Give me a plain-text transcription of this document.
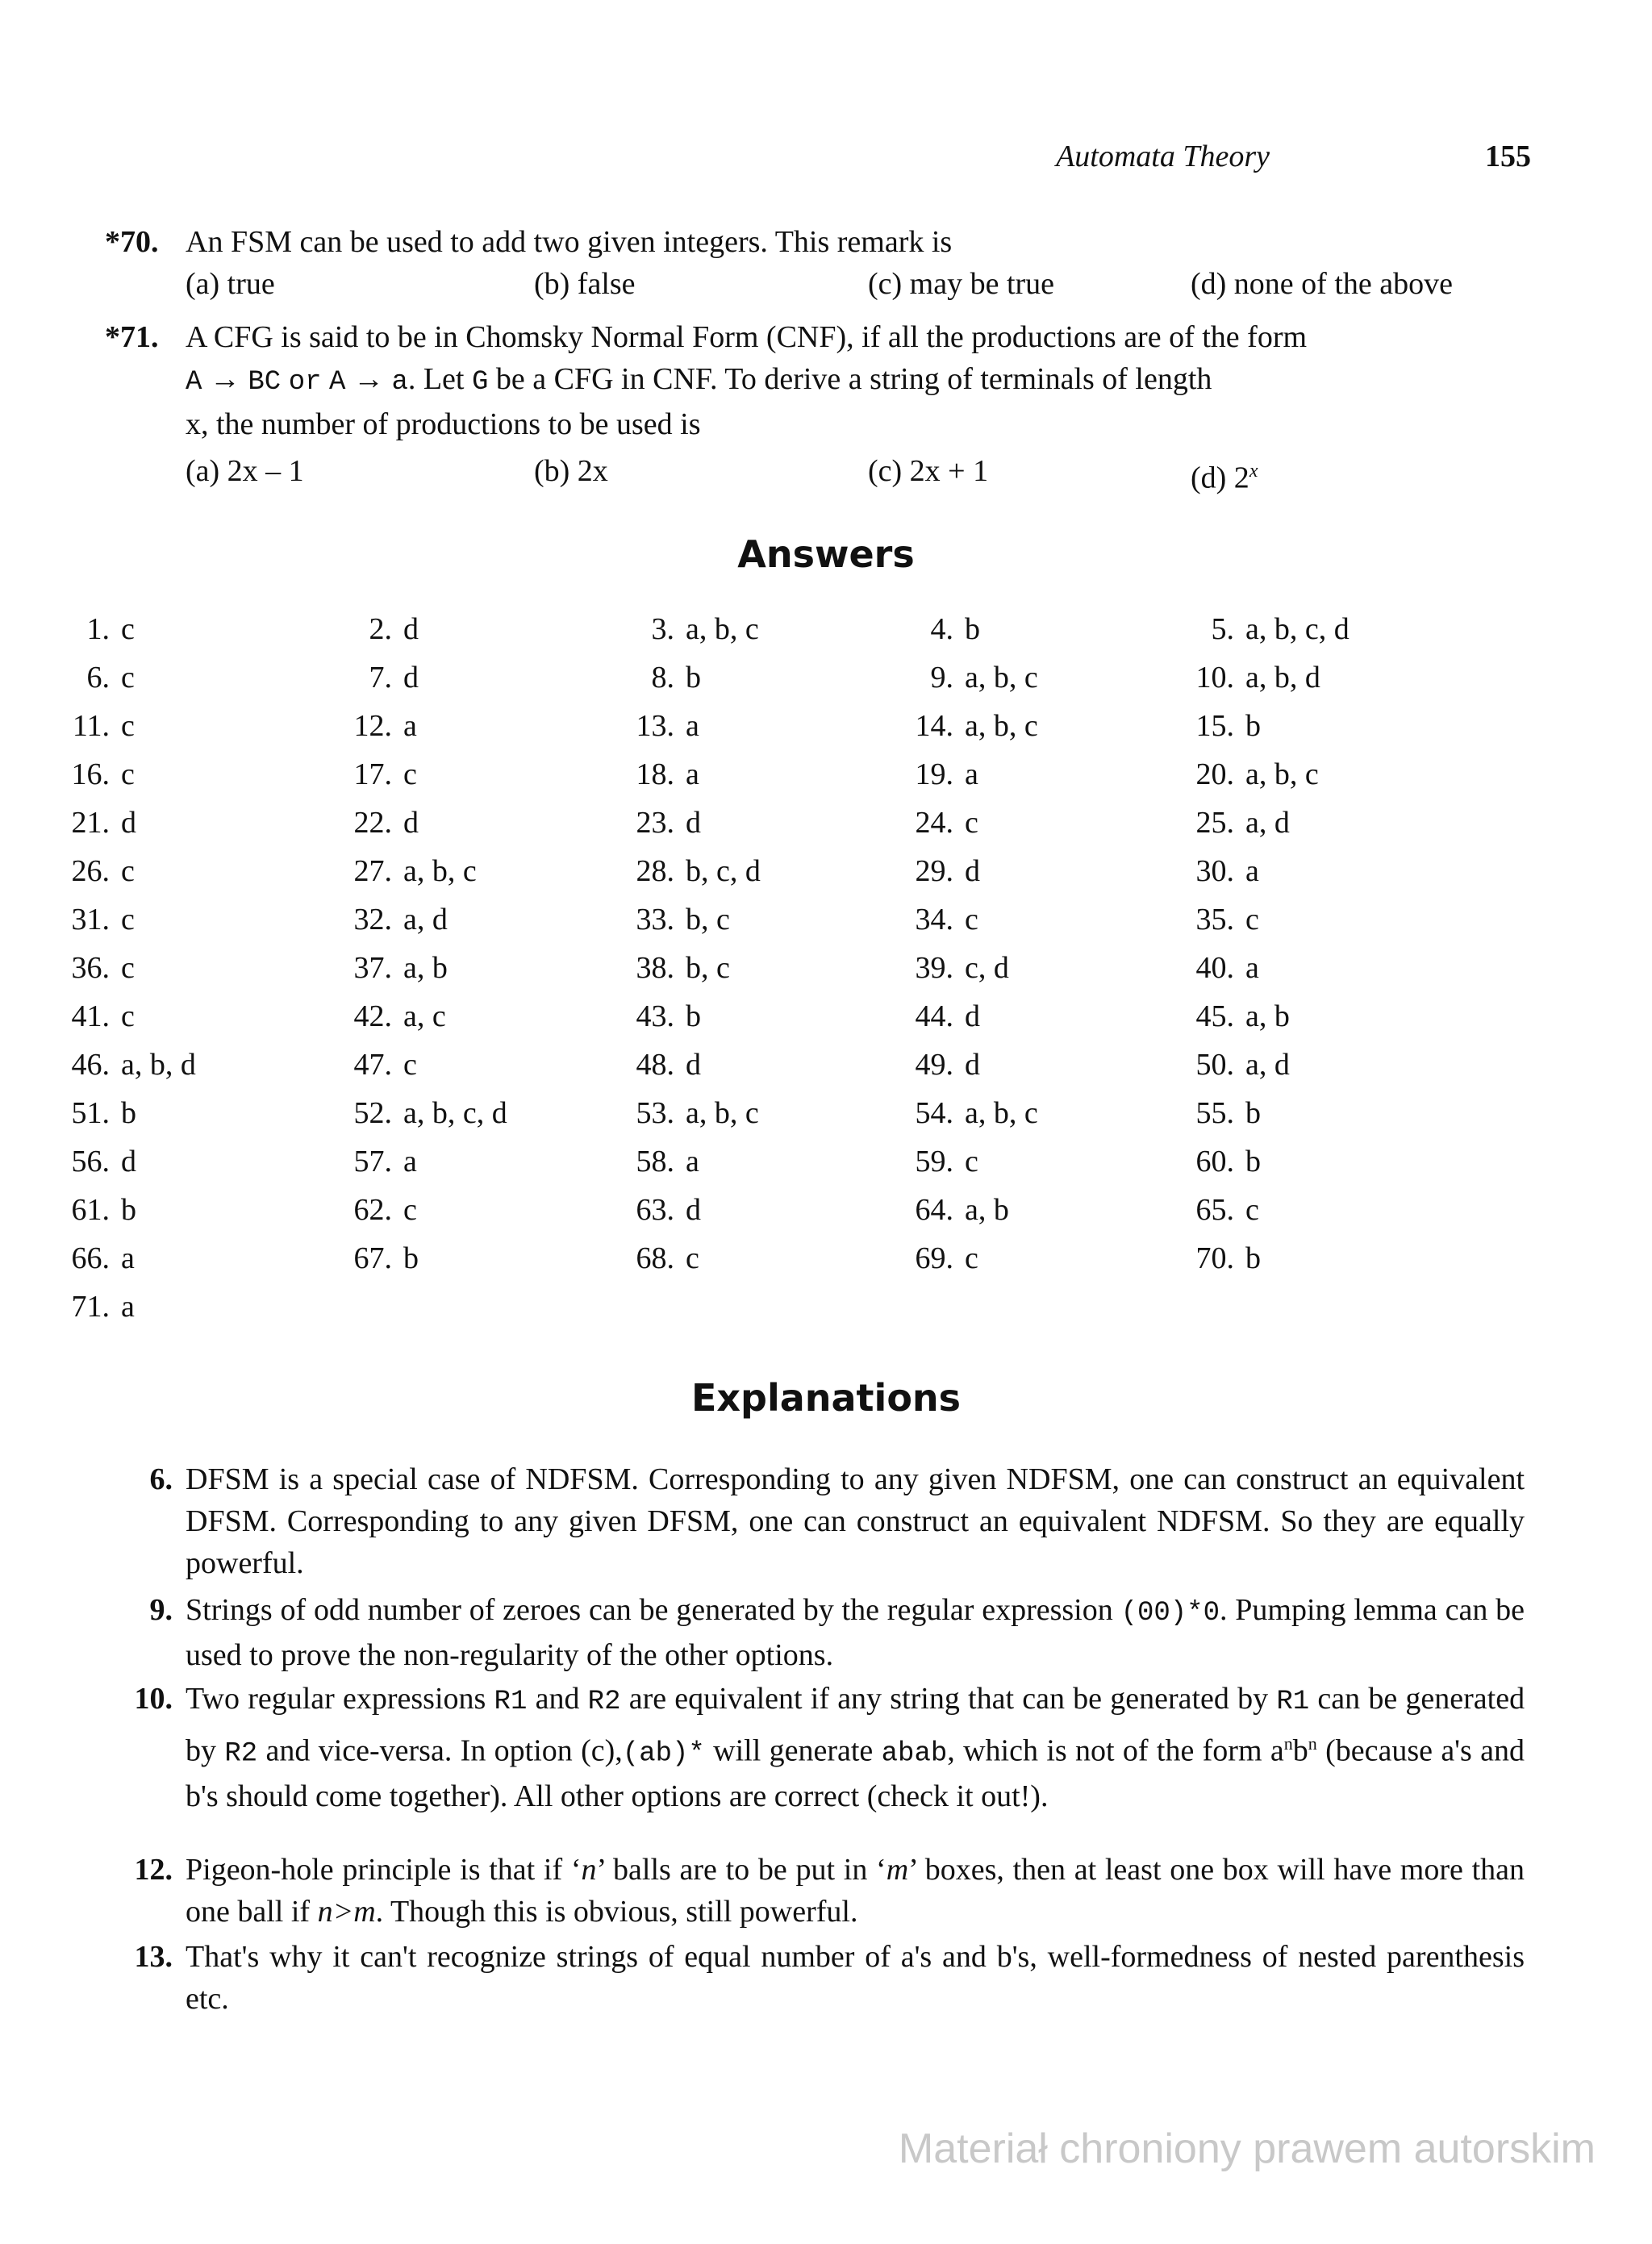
Automata Theory	155
*70. An FSM can be used to add two given integers. This remark is
(a) true	(b) false	(c) may be true	(d) none of the above
*71. A CFG is said to be in Chomsky Normal Form (CNF), if all the productions are of the form
A → BC or A → a. Let G be a CFG in CNF. To derive a string of terminals of length
x, the number of productions to be used is
(a) 2x – 1	(b) 2x	(c) 2x + 1	(d) 2$^x$
Answers
1. c	2. d	3. a, b, c	4. b	5. a, b, c, d
6. c	7. d	8. b	9. a, b, c	10. a, b, d
11. c	12. a	13. a	14. a, b, c	15. b
16. c	17. c	18. a	19. a	20. a, b, c
21. d	22. d	23. d	24. c	25. a, d
26. c	27. a, b, c	28. b, c, d	29. d	30. a
31. c	32. a, d	33. b, c	34. c	35. c
36. c	37. a, b	38. b, c	39. c, d	40. a
41. c	42. a, c	43. b	44. d	45. a, b
46. a, b, d	47. c	48. d	49. d	50. a, d
51. b	52. a, b, c, d	53. a, b, c	54. a, b, c	55. b
56. d	57. a	58. a	59. c	60. b
61. b	62. c	63. d	64. a, b	65. c
66. a	67. b	68. c	69. c	70. b
71. a
Explanations
6. DFSM is a special case of NDFSM. Corresponding to any given NDFSM, one can construct an equivalent DFSM. Corresponding to any given DFSM, one can construct an equivalent NDFSM. So they are equally powerful.
9. Strings of odd number of zeroes can be generated by the regular expression (00)*0. Pumping lemma can be used to prove the non-regularity of the other options.
10. Two regular expressions R1 and R2 are equivalent if any string that can be generated by R1 can be generated by R2 and vice-versa. In option (c),(ab)* will generate abab, which is not of the form $a^nb^n$ (because a's and b's should come together). All other options are correct (check it out!).
12. Pigeon-hole principle is that if ‘n’ balls are to be put in ‘m’ boxes, then at least one box will have more than one ball if n>m. Though this is obvious, still powerful.
13. That's why it can't recognize strings of equal number of a's and b's, well-formedness of nested parenthesis etc.
Materiał chroniony prawem autorskim
